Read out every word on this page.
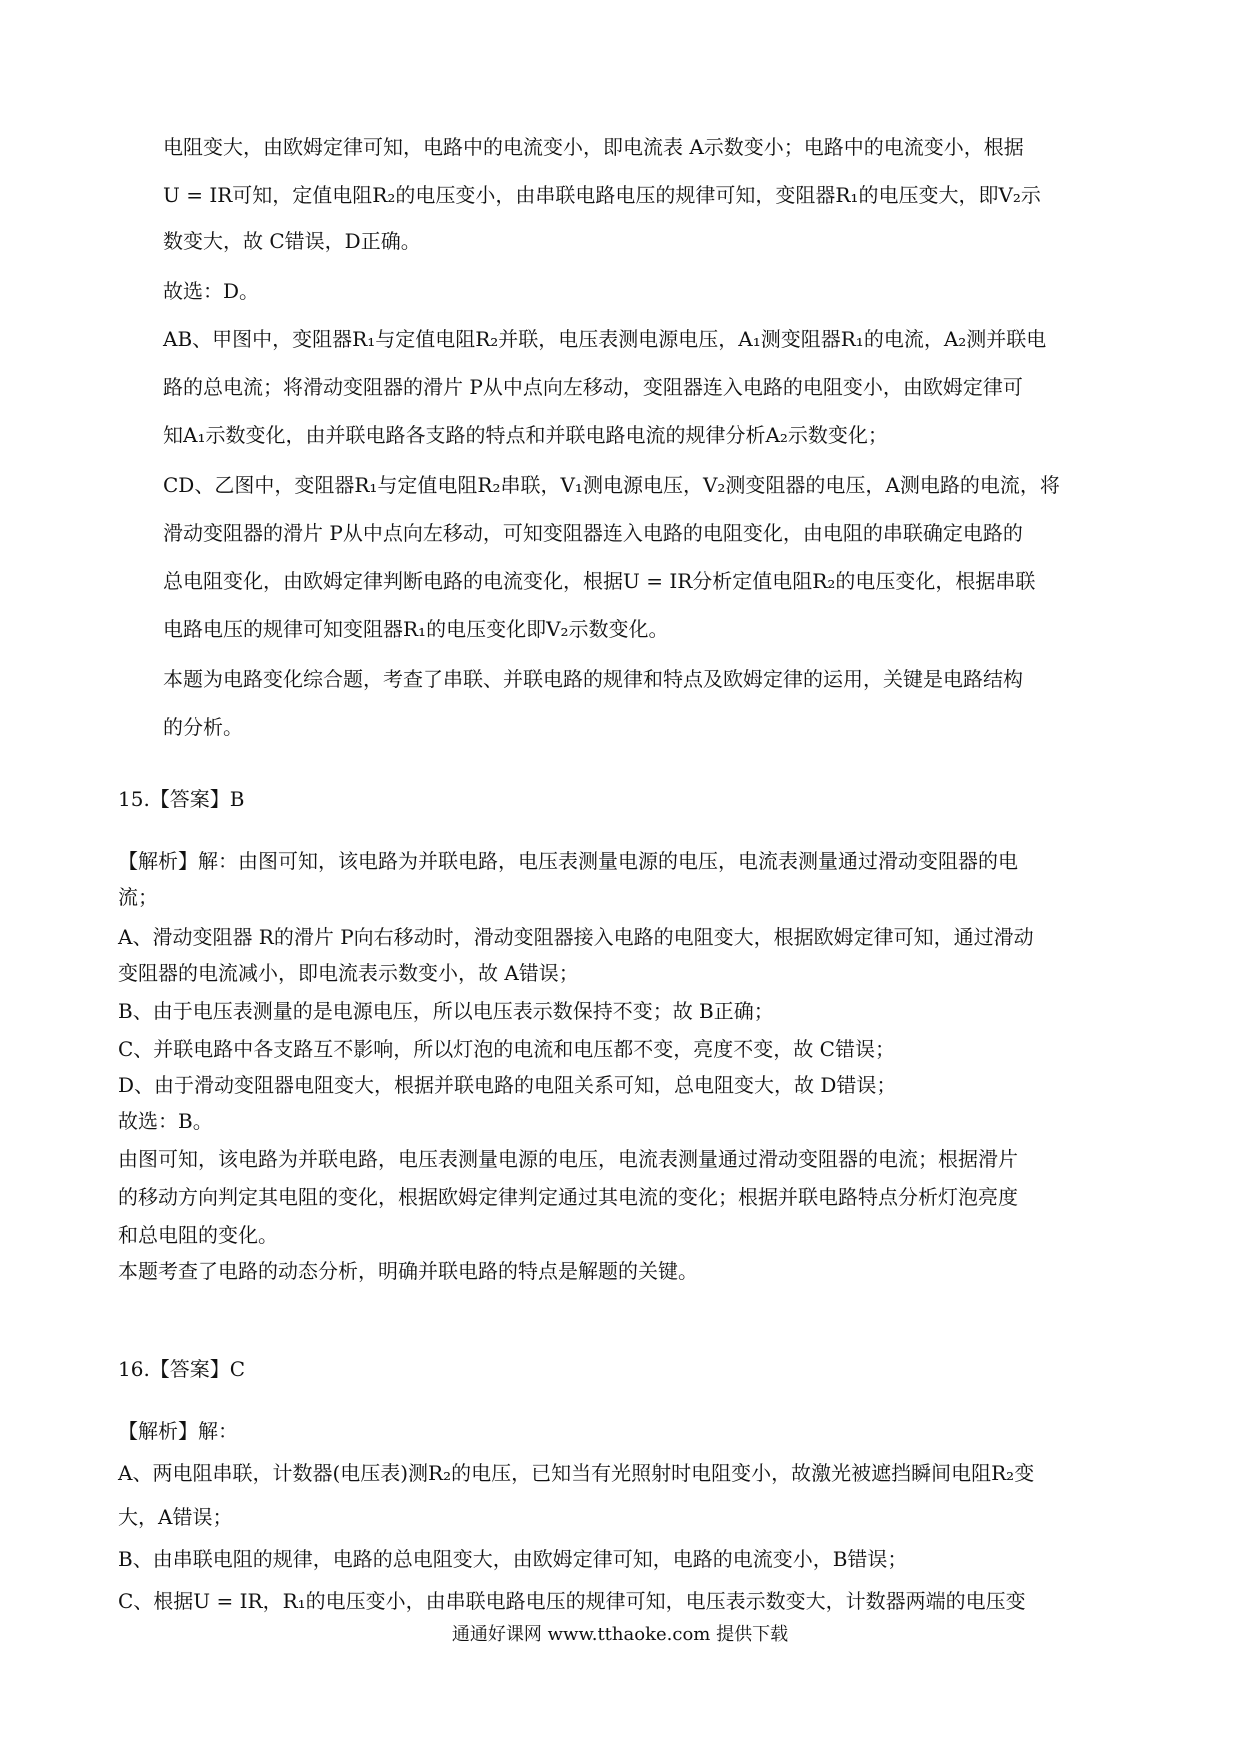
电阻变大，由欧姆定律可知，电路中的电流变小，即电流表 A示数变小；电路中的电流变小，根据
U = IR可知，定值电阻R₂的电压变小，由串联电路电压的规律可知，变阻器R₁的电压变大，即V₂示
数变大，故 C错误，D正确。
故选：D。
AB、甲图中，变阻器R₁与定值电阻R₂并联，电压表测电源电压，A₁测变阻器R₁的电流，A₂测并联电
路的总电流；将滑动变阻器的滑片 P从中点向左移动，变阻器连入电路的电阻变小，由欧姆定律可
知A₁示数变化，由并联电路各支路的特点和并联电路电流的规律分析A₂示数变化；
CD、乙图中，变阻器R₁与定值电阻R₂串联，V₁测电源电压，V₂测变阻器的电压，A测电路的电流，将
滑动变阻器的滑片 P从中点向左移动，可知变阻器连入电路的电阻变化，由电阻的串联确定电路的
总电阻变化，由欧姆定律判断电路的电流变化，根据U = IR分析定值电阻R₂的电压变化，根据串联
电路电压的规律可知变阻器R₁的电压变化即V₂示数变化。
本题为电路变化综合题，考查了串联、并联电路的规律和特点及欧姆定律的运用，关键是电路结构
的分析。
15.【答案】B
【解析】解：由图可知，该电路为并联电路，电压表测量电源的电压，电流表测量通过滑动变阻器的电
流；
A、滑动变阻器 R的滑片 P向右移动时，滑动变阻器接入电路的电阻变大，根据欧姆定律可知，通过滑动
变阻器的电流减小，即电流表示数变小，故 A错误；
B、由于电压表测量的是电源电压，所以电压表示数保持不变；故 B正确；
C、并联电路中各支路互不影响，所以灯泡的电流和电压都不变，亮度不变，故 C错误；
D、由于滑动变阻器电阻变大，根据并联电路的电阻关系可知，总电阻变大，故 D错误；
故选：B。
由图可知，该电路为并联电路，电压表测量电源的电压，电流表测量通过滑动变阻器的电流；根据滑片
的移动方向判定其电阻的变化，根据欧姆定律判定通过其电流的变化；根据并联电路特点分析灯泡亮度
和总电阻的变化。
本题考查了电路的动态分析，明确并联电路的特点是解题的关键。
16.【答案】C
【解析】解：
A、两电阻串联，计数器(电压表)测R₂的电压，已知当有光照射时电阻变小，故激光被遮挡瞬间电阻R₂变
大，A错误；
B、由串联电阻的规律，电路的总电阻变大，由欧姆定律可知，电路的电流变小，B错误；
C、根据U = IR，R₁的电压变小，由串联电路电压的规律可知，电压表示数变大，计数器两端的电压变
通通好课网 www.tthaoke.com 提供下载
